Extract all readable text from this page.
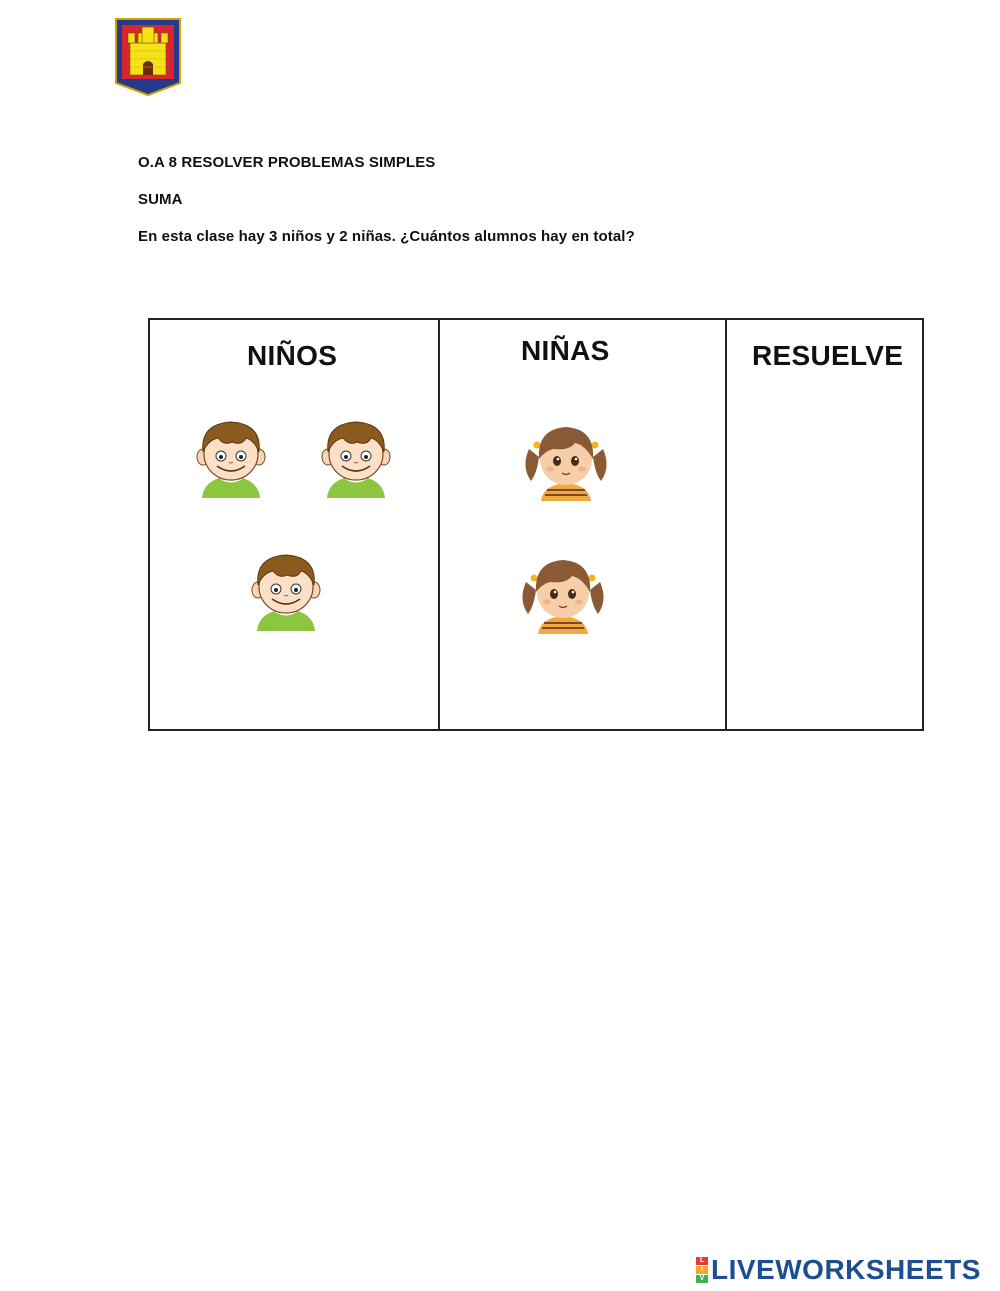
O.A 8 RESOLVER PROBLEMAS SIMPLES

SUMA

En esta clase hay 3 niños y 2 niñas. ¿Cuántos alumnos hay en total?

NIÑOS	NIÑAS	RESUELVE
L
I
V LIVEWORKSHEETS
